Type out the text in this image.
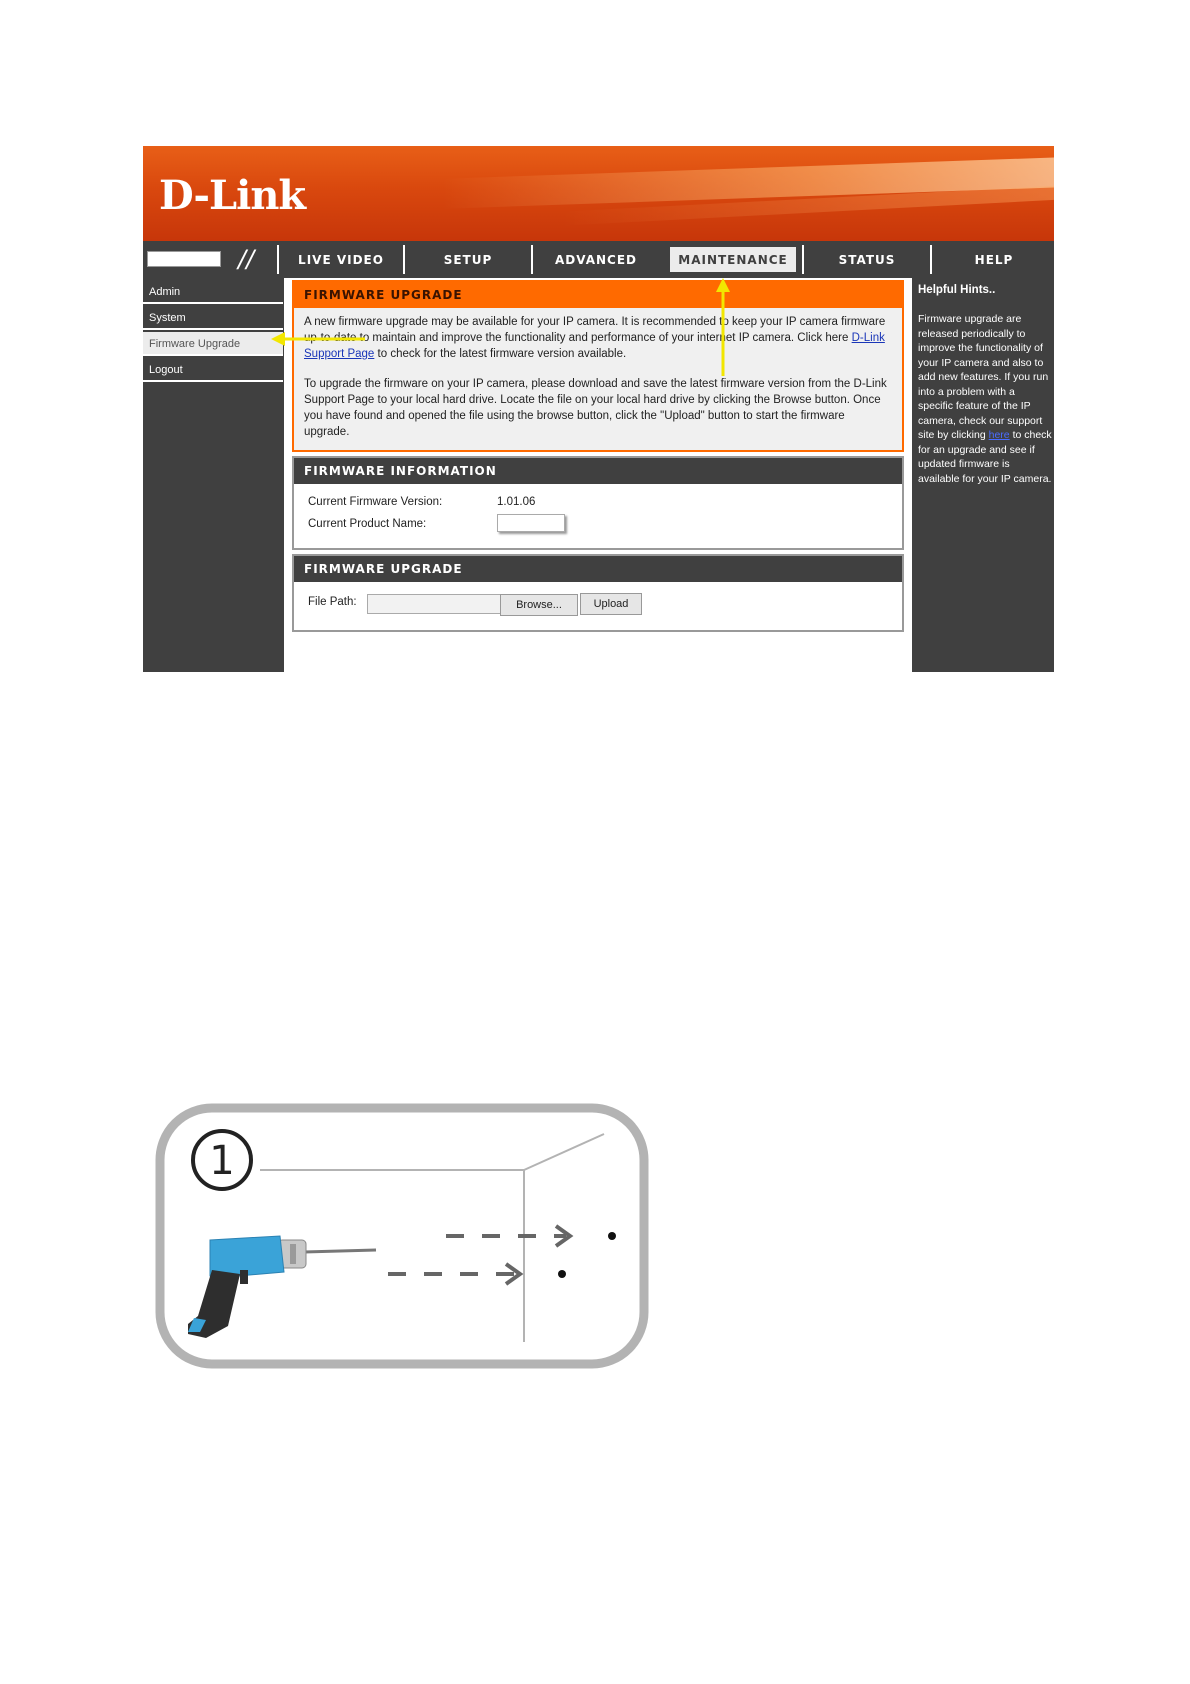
D-Link
//	LIVE VIDEO	SETUP	ADVANCED	MAINTENANCE	STATUS	HELP
Admin
System
Firmware Upgrade
Logout
FIRMWARE UPGRADE

A new firmware upgrade may be available for your IP camera. It is recommended to keep your IP camera firmware up-to-date to maintain and improve the functionality and performance of your internet IP camera. Click here D-Link Support Page to check for the latest firmware version available.

To upgrade the firmware on your IP camera, please download and save the latest firmware version from the D-Link Support Page to your local hard drive. Locate the file on your local hard drive by clicking the Browse button. Once you have found and opened the file using the browse button, click the "Upload" button to start the firmware upgrade.

FIRMWARE INFORMATION
Current Firmware Version:	1.01.06
Current Product Name:
FIRMWARE UPGRADE
File Path:	Browse...	Upload
Helpful Hints..
Firmware upgrade are released periodically to improve the functionality of your IP camera and also to add new features. If you run into a problem with a specific feature of the IP camera, check our support site by clicking here to check for an upgrade and see if updated firmware is available for your IP camera.
1
